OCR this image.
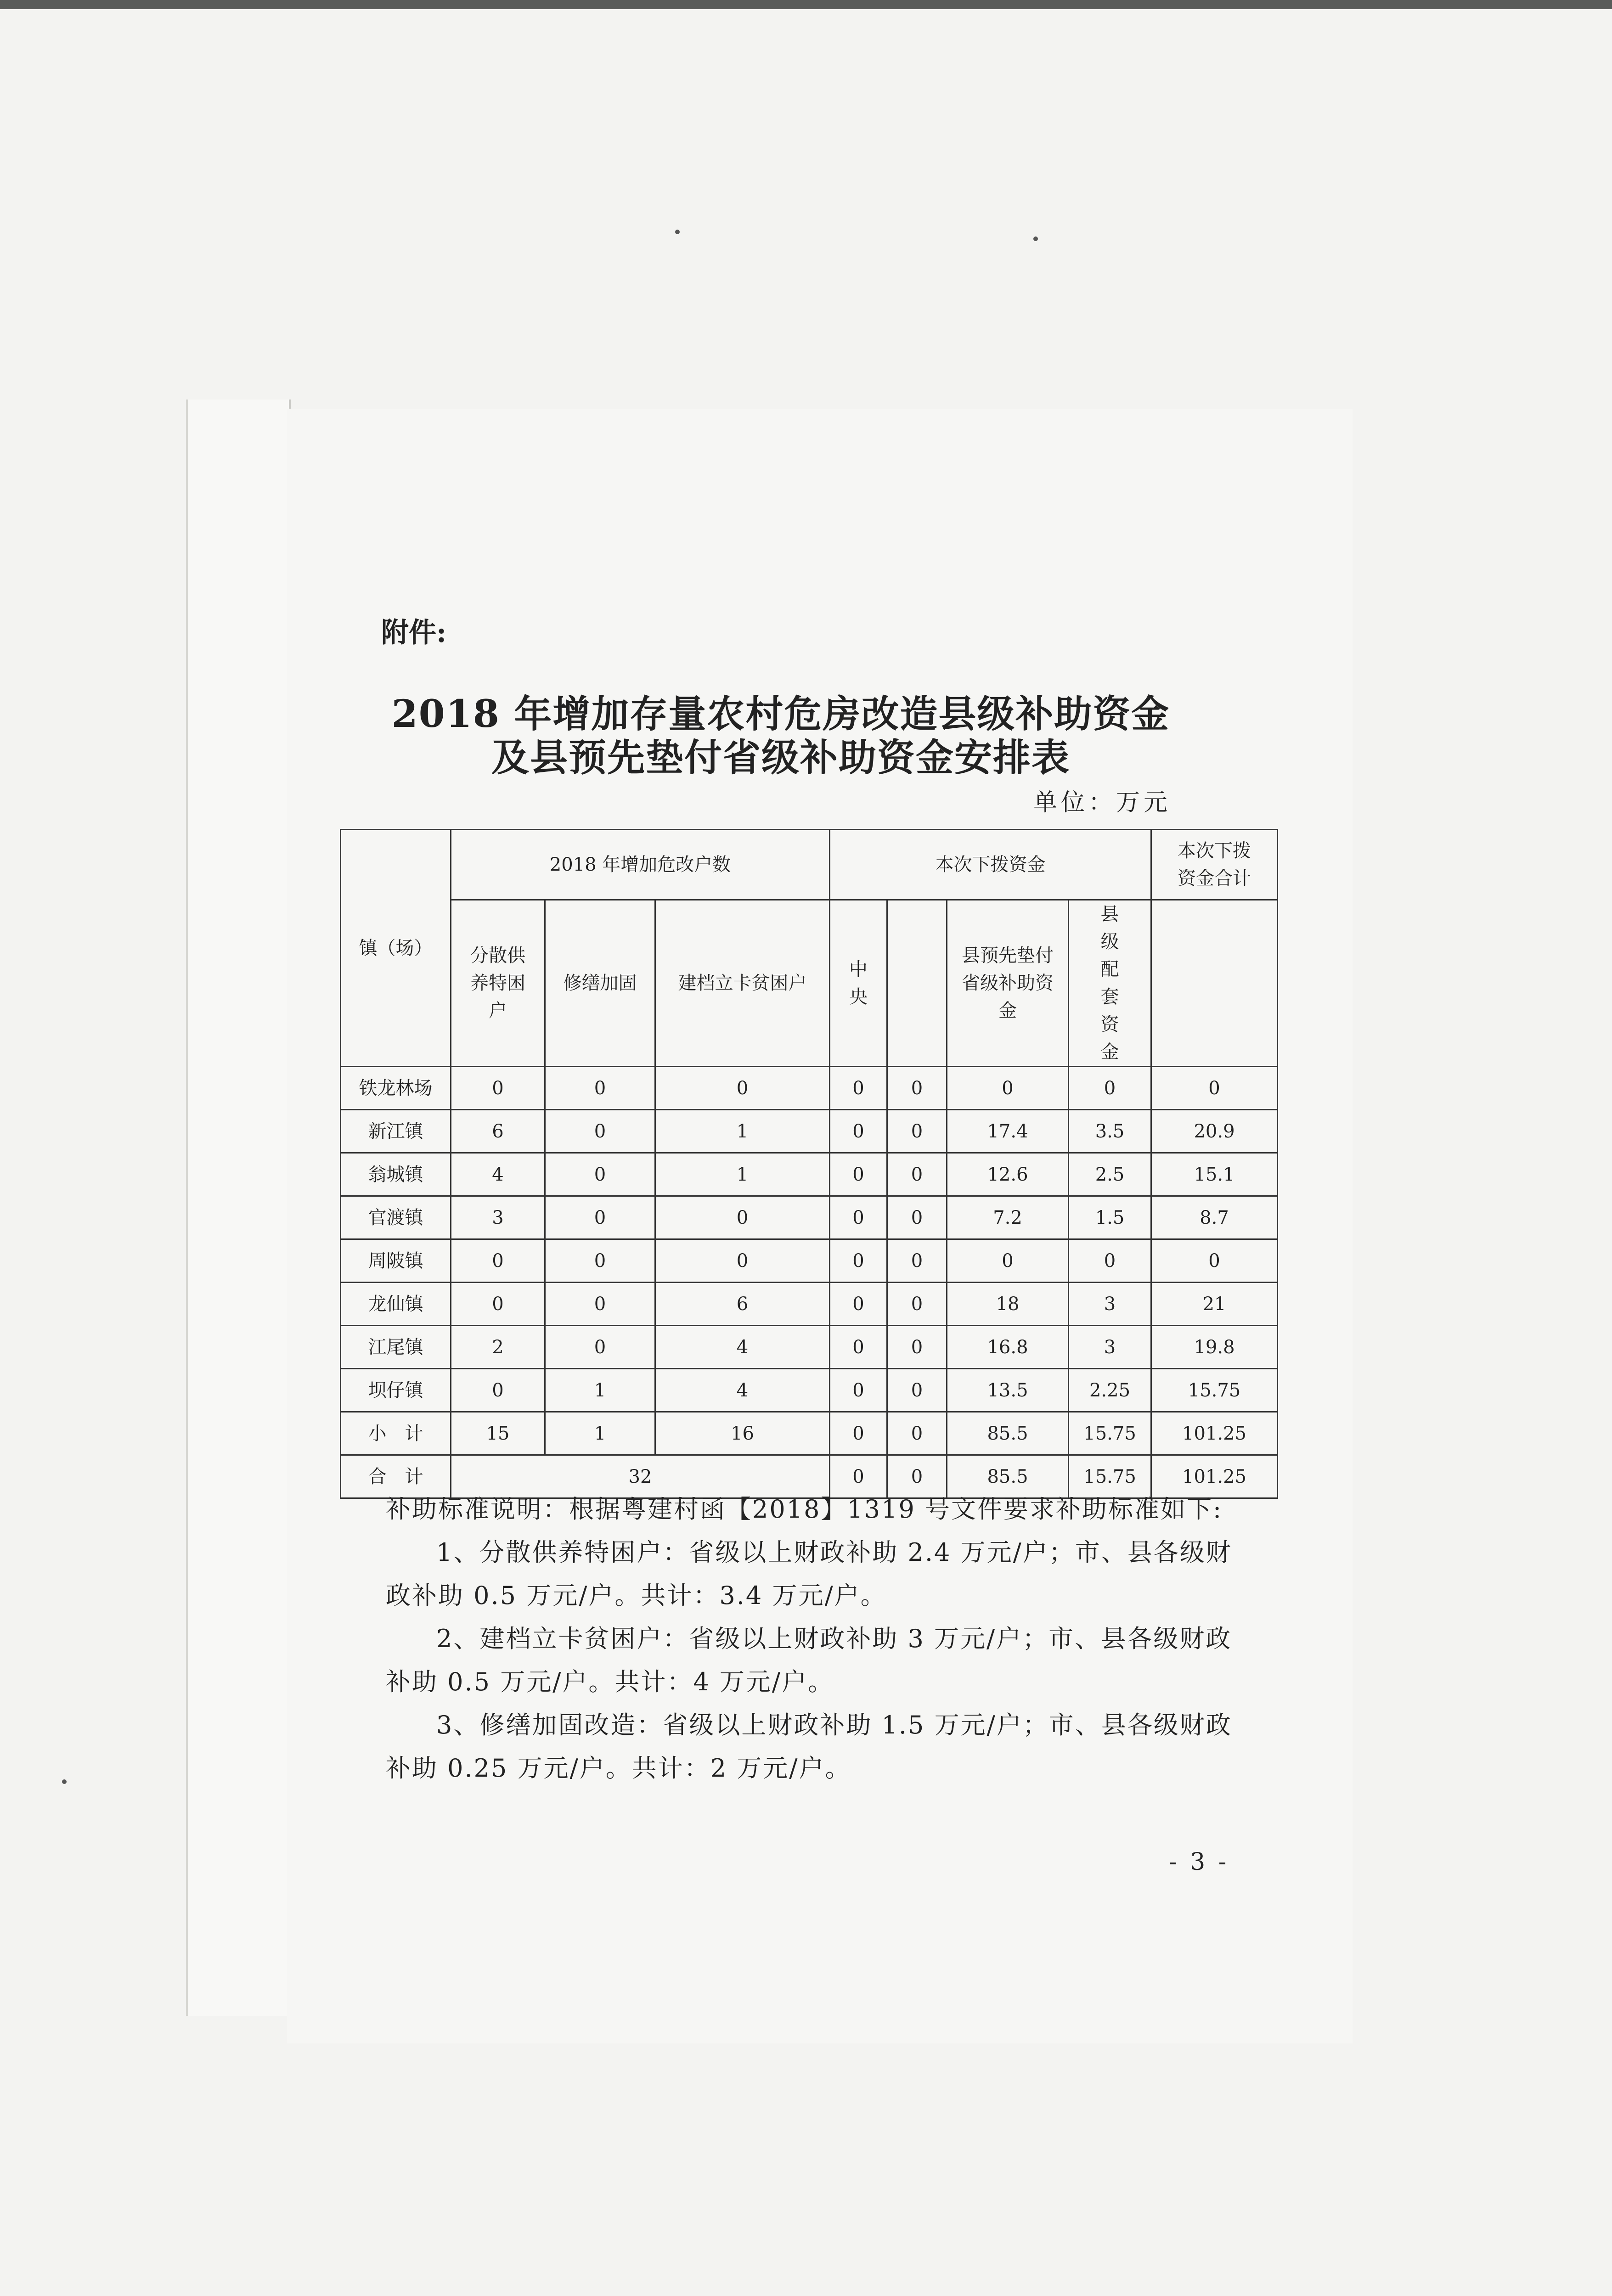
附件:
2018 年增加存量农村危房改造县级补助资金
及县预先垫付省级补助资金安排表
单位：万元
镇（场）	2018 年增加危改户数			本次下拨资金				本次下拨资金合计
	分散供养特困户	修缮加固	建档立卡贫困户	中央		县预先垫付省级补助资金	县级配套资金	
铁龙林场	0	0	0	0	0	0	0	0
新江镇	6	0	1	0	0	17.4	3.5	20.9
翁城镇	4	0	1	0	0	12.6	2.5	15.1
官渡镇	3	0	0	0	0	7.2	1.5	8.7
周陂镇	0	0	0	0	0	0	0	0
龙仙镇	0	0	6	0	0	18	3	21
江尾镇	2	0	4	0	0	16.8	3	19.8
坝仔镇	0	1	4	0	0	13.5	2.25	15.75
小　计	15	1	16	0	0	85.5	15.75	101.25
合　计	32			0	0	85.5	15.75	101.25

补助标准说明：根据粤建村函【2018】1319 号文件要求补助标准如下:

1、分散供养特困户：省级以上财政补助 2.4 万元/户；市、县各级财政补助 0.5 万元/户。共计：3.4 万元/户。

2、建档立卡贫困户：省级以上财政补助 3 万元/户；市、县各级财政补助 0.5 万元/户。共计：4 万元/户。

3、修缮加固改造：省级以上财政补助 1.5 万元/户；市、县各级财政补助 0.25 万元/户。共计：2 万元/户。

- 3 -
